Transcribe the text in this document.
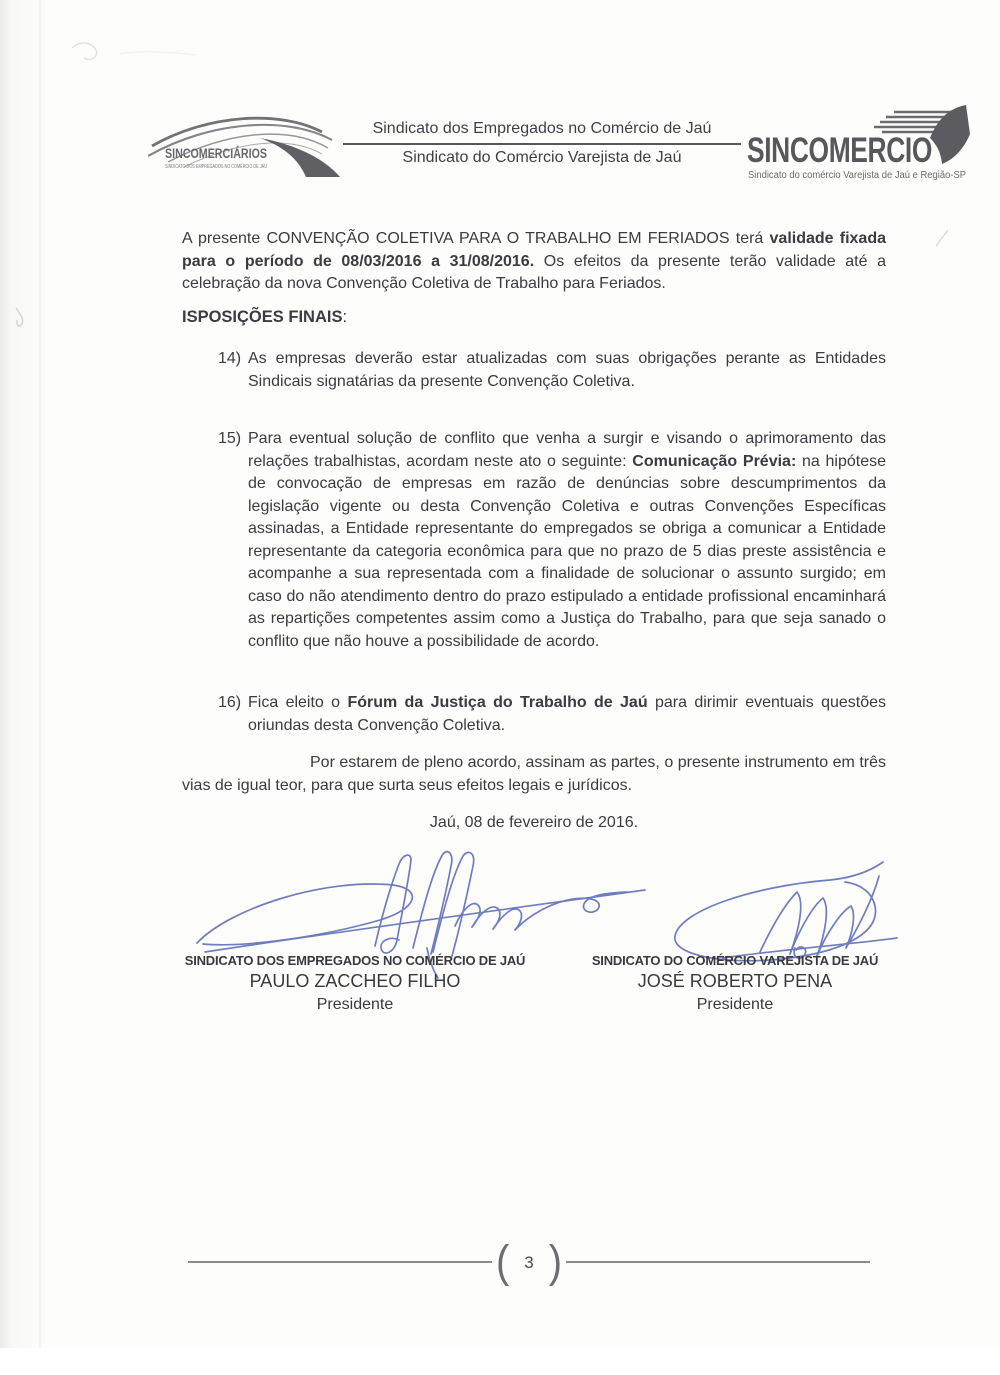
SINCOMERCIÁRIOS
SINDICATO DOS EMPREGADOS NO COMÉRCIO DE JAU
Sindicato dos Empregados no Comércio de Jaú
Sindicato do Comércio Varejista de Jaú	SINCOMERCIO
Sindicato do comércio Varejista de Jaú e Região-SP
A presente CONVENÇÃO COLETIVA PARA O TRABALHO EM FERIADOS terá validade fixada para o período de 08/03/2016 a 31/08/2016. Os efeitos da presente terão validade até a celebração da nova Convenção Coletiva de Trabalho para Feriados.
ISPOSIÇÕES FINAIS:
14) As empresas deverão estar atualizadas com suas obrigações perante as Entidades Sindicais signatárias da presente Convenção Coletiva.
15) Para eventual solução de conflito que venha a surgir e visando o aprimoramento das relações trabalhistas, acordam neste ato o seguinte: Comunicação Prévia: na hipótese de convocação de empresas em razão de denúncias sobre descumprimentos da legislação vigente ou desta Convenção Coletiva e outras Convenções Específicas assinadas, a Entidade representante do empregados se obriga a comunicar a Entidade representante da categoria econômica para que no prazo de 5 dias preste assistência e acompanhe a sua representada com a finalidade de solucionar o assunto surgido; em caso do não atendimento dentro do prazo estipulado a entidade profissional encaminhará as repartições competentes assim como a Justiça do Trabalho, para que seja sanado o conflito que não houve a possibilidade de acordo.
16) Fica eleito o Fórum da Justiça do Trabalho de Jaú para dirimir eventuais questões oriundas desta Convenção Coletiva.
Por estarem de pleno acordo, assinam as partes, o presente instrumento em três vias de igual teor, para que surta seus efeitos legais e jurídicos.
Jaú, 08 de fevereiro de 2016.
SINDICATO DOS EMPREGADOS NO COMÉRCIO DE JAÚ
PAULO ZACCHEO FILHO
Presidente
SINDICATO DO COMÉRCIO VAREJISTA DE JAÚ
JOSÉ ROBERTO PENA
Presidente
( 3 )
